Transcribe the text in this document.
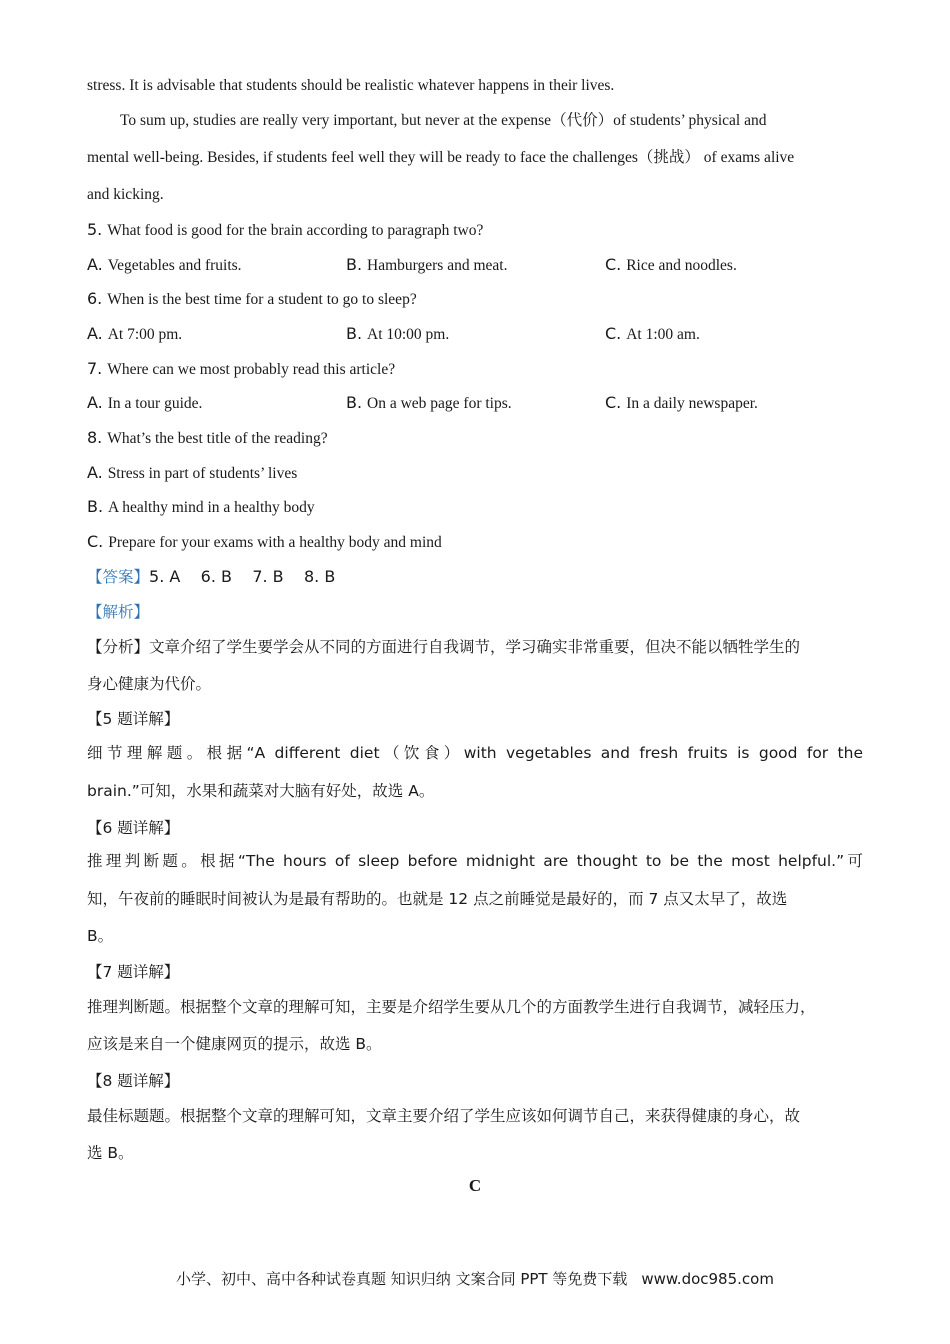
stress. It is advisable that students should be realistic whatever happens in their lives.
To sum up, studies are really very important, but never at the expense（代价）of students’ physical and
mental well-being. Besides, if students feel well they will be ready to face the challenges（挑战） of exams alive
and kicking.
5. What food is good for the brain according to paragraph two?
A. Vegetables and fruits.	B. Hamburgers and meat.	C. Rice and noodles.
6. When is the best time for a student to go to sleep?
A. At 7:00 pm.	B. At 10:00 pm.	C. At 1:00 am.
7. Where can we most probably read this article?
A. In a tour guide.	B. On a web page for tips.	C. In a daily newspaper.
8. What’s the best title of the reading?
A. Stress in part of students’ lives
B. A healthy mind in a healthy body
C. Prepare for your exams with a healthy body and mind
【答案】5. A    6. B    7. B    8. B
【解析】
【分析】文章介绍了学生要学会从不同的方面进行自我调节，学习确实非常重要，但决不能以牺牲学生的
身心健康为代价。
【5 题详解】
细节理解题。根据“A different diet（饮食）with vegetables and fresh fruits is good for the
brain.”可知，水果和蔬菜对大脑有好处，故选 A。
【6 题详解】
推理判断题。根据“The hours of sleep before midnight are thought to be the most helpful.”可
知，午夜前的睡眠时间被认为是最有帮助的。也就是 12 点之前睡觉是最好的，而 7 点又太早了，故选
B。
【7 题详解】
推理判断题。根据整个文章的理解可知，主要是介绍学生要从几个的方面教学生进行自我调节，减轻压力，
应该是来自一个健康网页的提示，故选 B。
【8 题详解】
最佳标题题。根据整个文章的理解可知，文章主要介绍了学生应该如何调节自己，来获得健康的身心，故
选 B。
C
小学、初中、高中各种试卷真题 知识归纳 文案合同 PPT 等免费下载 www.doc985.com
